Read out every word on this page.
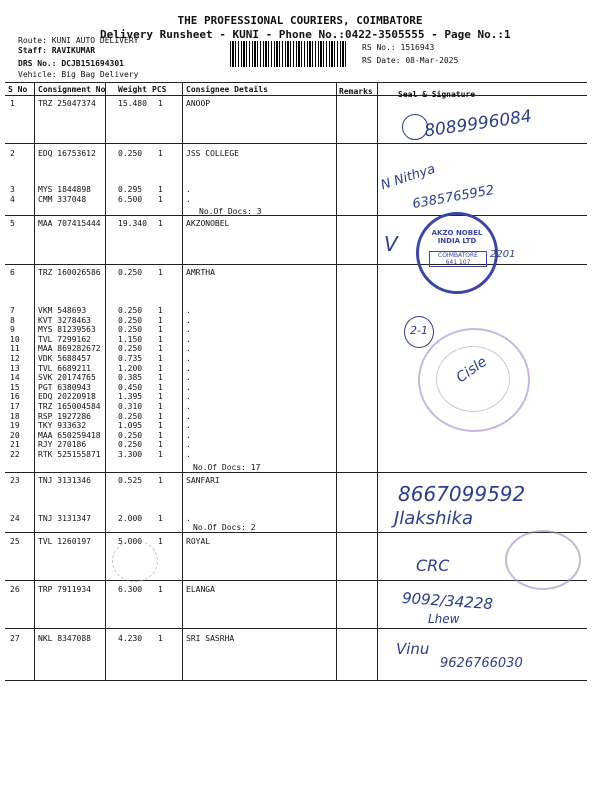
THE PROFESSIONAL COURIERS, COIMBATORE
Delivery Runsheet - KUNI - Phone No.:0422-3505555 - Page No.:1
Route: KUNI AUTO DELIVERY
Staff: RAVIKUMAR
DRS No.: DCJB151694301
Vehicle: Big Bag Delivery
RS No.: 1516943
RS Date: 08-Mar-2025
S No Consignment No Weight PCS Consignee Details	Remarks	Seal & Signature
1	TRZ 25047374	15.480 1	ANOOP
2	EDQ 16753612	0.250 1	JSS COLLEGE
3	MYS 1844898	0.295 1	.
4	CMM 337048	6.500 1	.
5	MAA 707415444 19.340 1	AKZONOBEL
6	TRZ 160026586 0.250 1	AMRTHA
7	VKM 548693	0.250 1	.
8	KVT 3278463	0.250 1	.
9	MYS 81239563	0.250 1	.
10 TVL 7299162	1.150 1	.
11 MAA 869282672 0.250 1	.
12 VDK 5688457	0.735 1	.
13 TVL 6689211	1.200 1	.
14 SVK 20174765	0.385 1	.
15 PGT 6380943	0.450 1	.
16 EDQ 20220918	1.395 1	.
17 TRZ 165004584 0.310 1	.
18 RSP 1927286	0.250 1	.
19 TKY 933632	1.095 1	.
20 MAA 650259418 0.250 1	.
21 RJY 270186	0.250 1	.
22 RTK 525155871 3.300 1	.
23 TNJ 3131346	0.525 1	SANFARI
24 TNJ 3131347	2.000 1	.
25 TVL 1260197	5.000 1	ROYAL
26 TRP 7911934	6.300 1	ELANGA
27 NKL 8347088	4.230 1	SRI SASRHA
No.Of Docs: 3
No.Of Docs: 17
No.Of Docs: 2
8089996084
N Nithya
6385765952
AKZO NOBEL INDIA LTD
COIMBATORE
641 107
V	2201
2-1
Cisle
8667099592
Jlakshika
CRC
9092/34228
Lhew
Vinu
9626766030
